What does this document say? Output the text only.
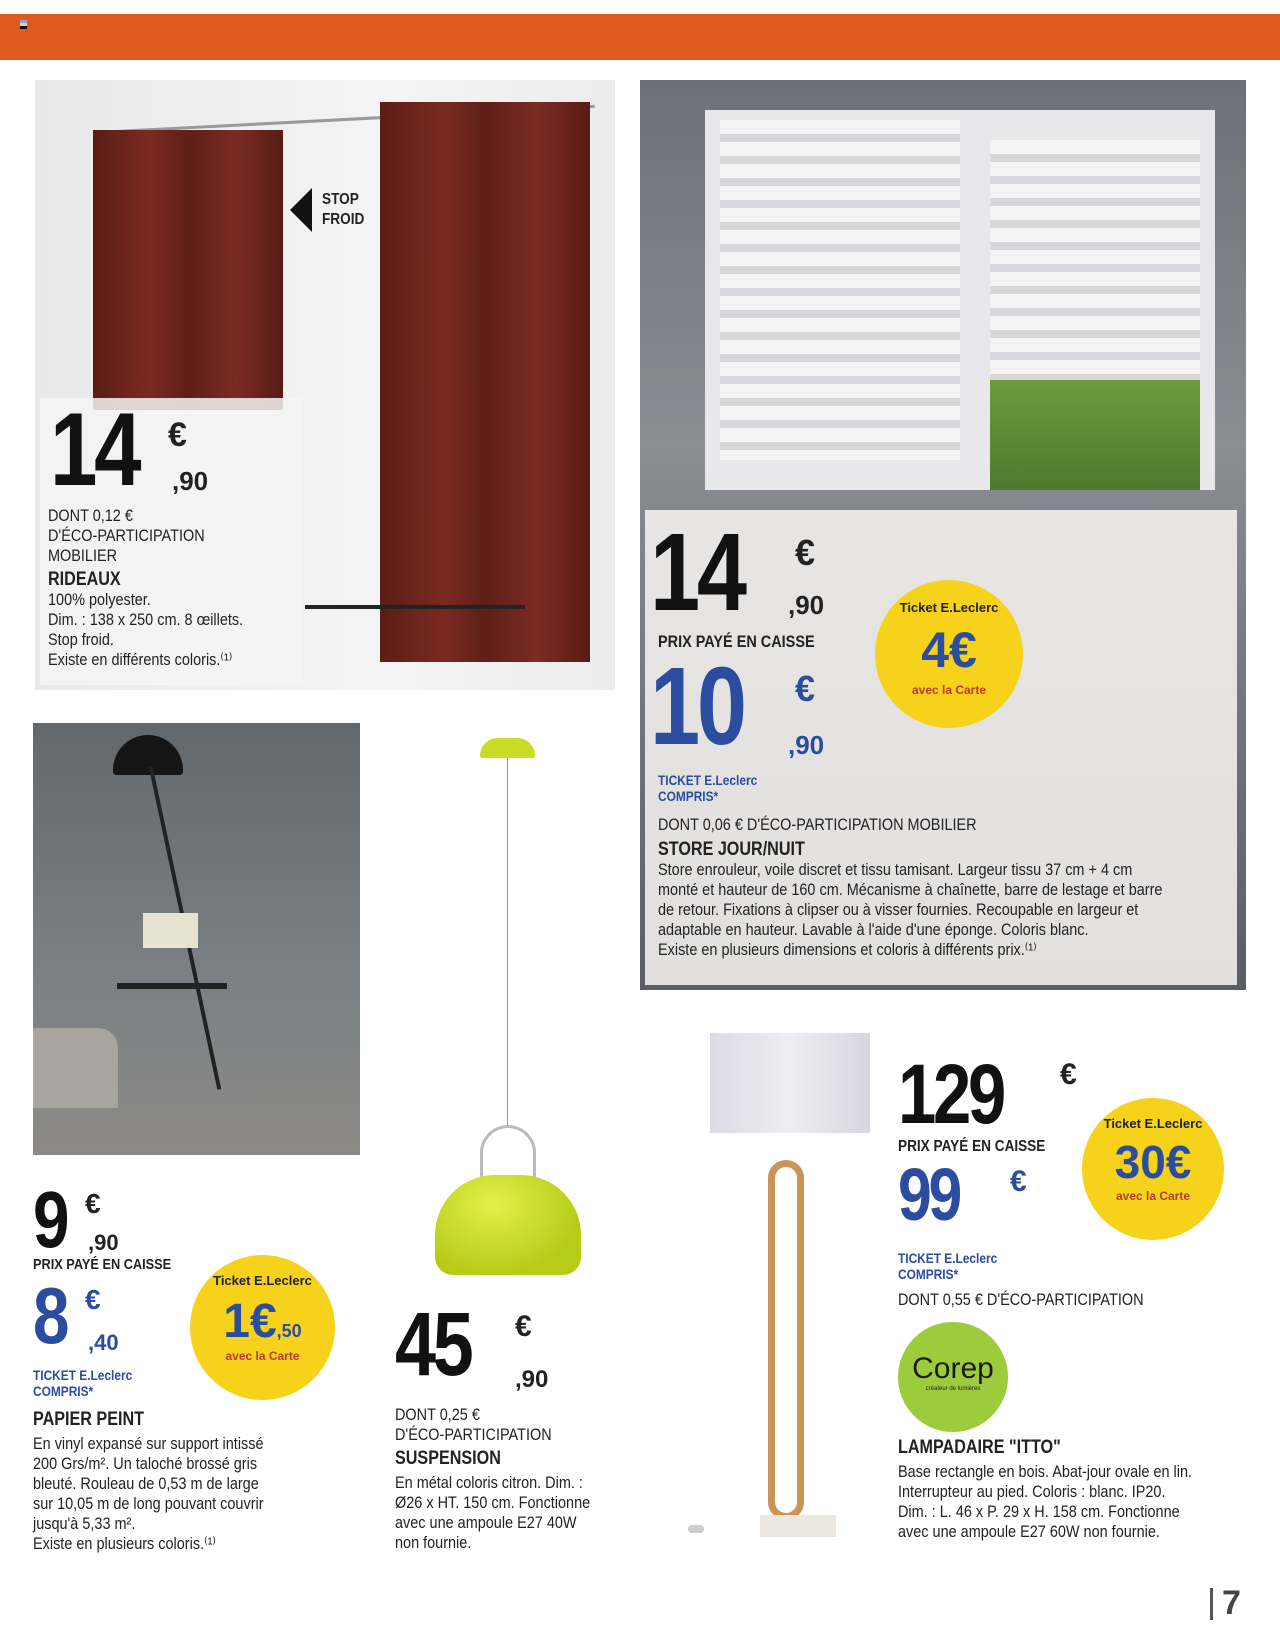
STOP
FROID
14 €
,90
DONT 0,12 €
D'ÉCO-PARTICIPATION
MOBILIER
RIDEAUX
100% polyester.
Dim. : 138 x 250 cm. 8 œillets.
Stop froid.
Existe en différents coloris.⁽¹⁾
14 €
,90
PRIX PAYÉ EN CAISSE
10 €
,90
TICKET E.Leclerc
COMPRIS*
Ticket E.Leclerc
4€
avec la Carte
DONT 0,06 € D'ÉCO-PARTICIPATION MOBILIER
STORE JOUR/NUIT
Store enrouleur, voile discret et tissu tamisant. Largeur tissu 37 cm + 4 cm
monté et hauteur de 160 cm. Mécanisme à chaînette, barre de lestage et barre
de retour. Fixations à clipser ou à visser fournies. Recoupable en largeur et
adaptable en hauteur. Lavable à l'aide d'une éponge. Coloris blanc.
Existe en plusieurs dimensions et coloris à différents prix.⁽¹⁾
9 €
,90
PRIX PAYÉ EN CAISSE
8 €
,40
TICKET E.Leclerc
COMPRIS*
Ticket E.Leclerc
1€,50
avec la Carte
PAPIER PEINT
En vinyl expansé sur support intissé
200 Grs/m². Un taloché brossé gris
bleuté. Rouleau de 0,53 m de large
sur 10,05 m de long pouvant couvrir
jusqu'à 5,33 m².
Existe en plusieurs coloris.⁽¹⁾
45 €
,90
DONT 0,25 €
D'ÉCO-PARTICIPATION
SUSPENSION
En métal coloris citron. Dim. :
Ø26 x HT. 150 cm. Fonctionne
avec une ampoule E27 40W
non fournie.
129 €
PRIX PAYÉ EN CAISSE
99 €
TICKET E.Leclerc
COMPRIS*
Ticket E.Leclerc
30€
avec la Carte
DONT 0,55 € D'ÉCO-PARTICIPATION
Corep
créateur de lumières
LAMPADAIRE "ITTO"
Base rectangle en bois. Abat-jour ovale en lin.
Interrupteur au pied. Coloris : blanc. IP20.
Dim. : L. 46 x P. 29 x H. 158 cm. Fonctionne
avec une ampoule E27 60W non fournie.
7
